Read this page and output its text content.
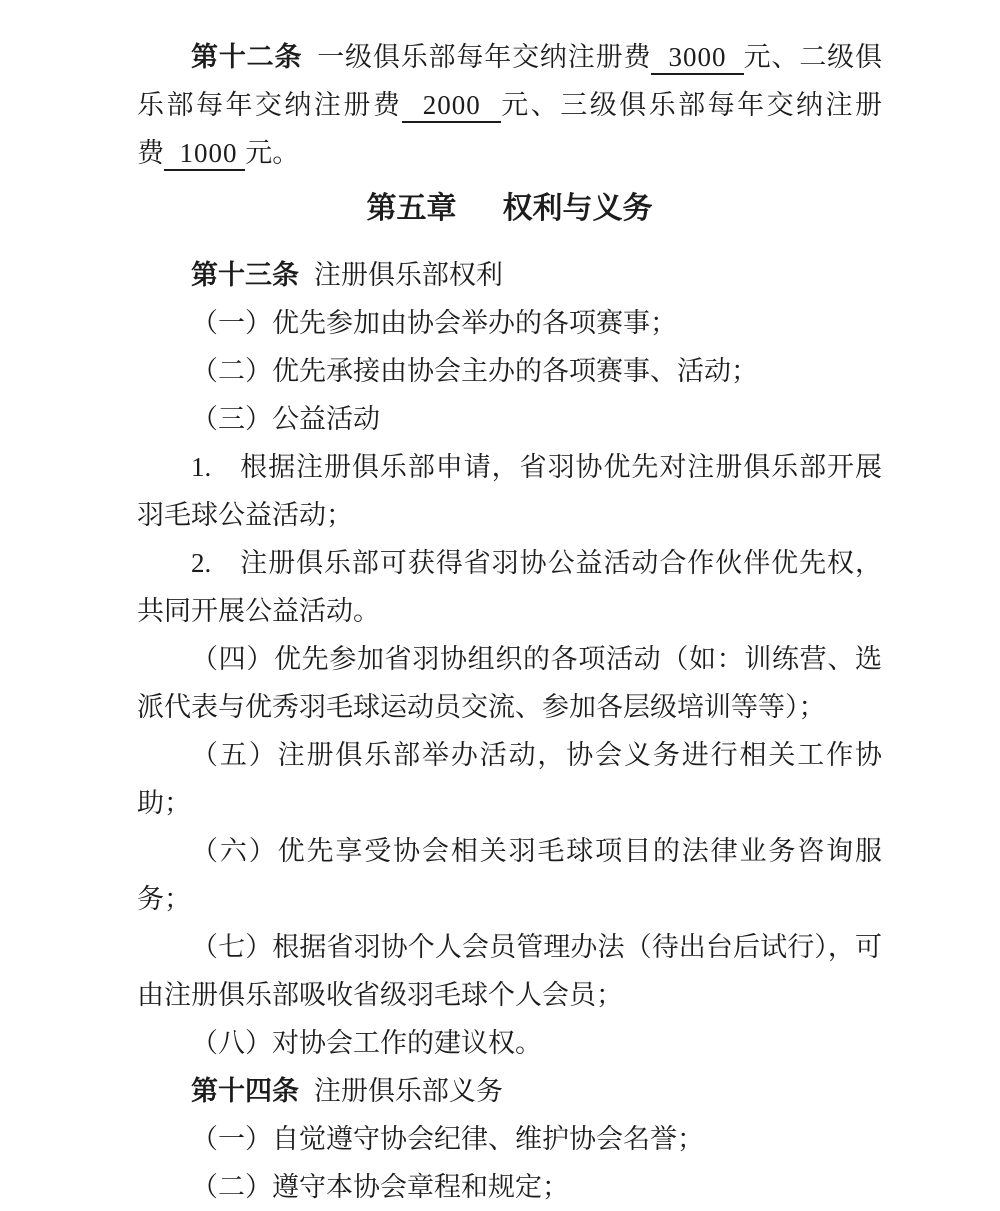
第十二条 一级俱乐部每年交纳注册费  3000  元、二级俱乐部每年交纳注册费  2000  元、三级俱乐部每年交纳注册费  1000 元。

第五章 权利与义务

第十三条 注册俱乐部权利

（一）优先参加由协会举办的各项赛事；

（二）优先承接由协会主办的各项赛事、活动；

（三）公益活动

1.　根据注册俱乐部申请，省羽协优先对注册俱乐部开展羽毛球公益活动；

2.　注册俱乐部可获得省羽协公益活动合作伙伴优先权，共同开展公益活动。

（四）优先参加省羽协组织的各项活动（如：训练营、选派代表与优秀羽毛球运动员交流、参加各层级培训等等）；

（五）注册俱乐部举办活动，协会义务进行相关工作协助；

（六）优先享受协会相关羽毛球项目的法律业务咨询服务；

（七）根据省羽协个人会员管理办法（待出台后试行），可由注册俱乐部吸收省级羽毛球个人会员；

（八）对协会工作的建议权。

第十四条 注册俱乐部义务

（一）自觉遵守协会纪律、维护协会名誉；

（二）遵守本协会章程和规定；
